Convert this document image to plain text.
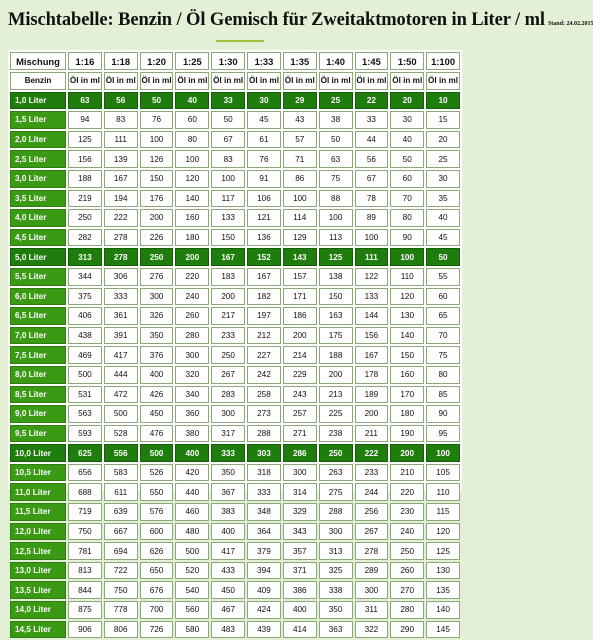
Mischtabelle: Benzin / Öl Gemisch für Zweitaktmotoren in Liter / ml Stand: 24.02.2015
Mischung	1:16	1:18	1:20	1:25	1:30	1:33	1:35	1:40	1:45	1:50	1:100
Benzin	Öl in ml	Öl in ml	Öl in ml	Öl in ml	Öl in ml	Öl in ml	Öl in ml	Öl in ml	Öl in ml	Öl in ml	Öl in ml
1,0 Liter	63	56	50	40	33	30	29	25	22	20	10
1,5 Liter	94	83	76	60	50	45	43	38	33	30	15
2,0 Liter	125	111	100	80	67	61	57	50	44	40	20
2,5 Liter	156	139	126	100	83	76	71	63	56	50	25
3,0 Liter	188	167	150	120	100	91	86	75	67	60	30
3,5 Liter	219	194	176	140	117	106	100	88	78	70	35
4,0 Liter	250	222	200	160	133	121	114	100	89	80	40
4,5 Liter	282	278	226	180	150	136	129	113	100	90	45
5,0 Liter	313	278	250	200	167	152	143	125	111	100	50
5,5 Liter	344	306	276	220	183	167	157	138	122	110	55
6,0 Liter	375	333	300	240	200	182	171	150	133	120	60
6,5 Liter	406	361	326	260	217	197	186	163	144	130	65
7,0 Liter	438	391	350	280	233	212	200	175	156	140	70
7,5 Liter	469	417	376	300	250	227	214	188	167	150	75
8,0 Liter	500	444	400	320	267	242	229	200	178	160	80
8,5 Liter	531	472	426	340	283	258	243	213	189	170	85
9,0 Liter	563	500	450	360	300	273	257	225	200	180	90
9,5 Liter	593	528	476	380	317	288	271	238	211	190	95
10,0 Liter	625	556	500	400	333	303	286	250	222	200	100
10,5 Liter	656	583	526	420	350	318	300	263	233	210	105
11,0 Liter	688	611	550	440	367	333	314	275	244	220	110
11,5 Liter	719	639	576	460	383	348	329	288	256	230	115
12,0 Liter	750	667	600	480	400	364	343	300	267	240	120
12,5 Liter	781	694	626	500	417	379	357	313	278	250	125
13,0 Liter	813	722	650	520	433	394	371	325	289	260	130
13,5 Liter	844	750	676	540	450	409	386	338	300	270	135
14,0 Liter	875	778	700	560	467	424	400	350	311	280	140
14,5 Liter	906	806	726	580	483	439	414	363	322	290	145
